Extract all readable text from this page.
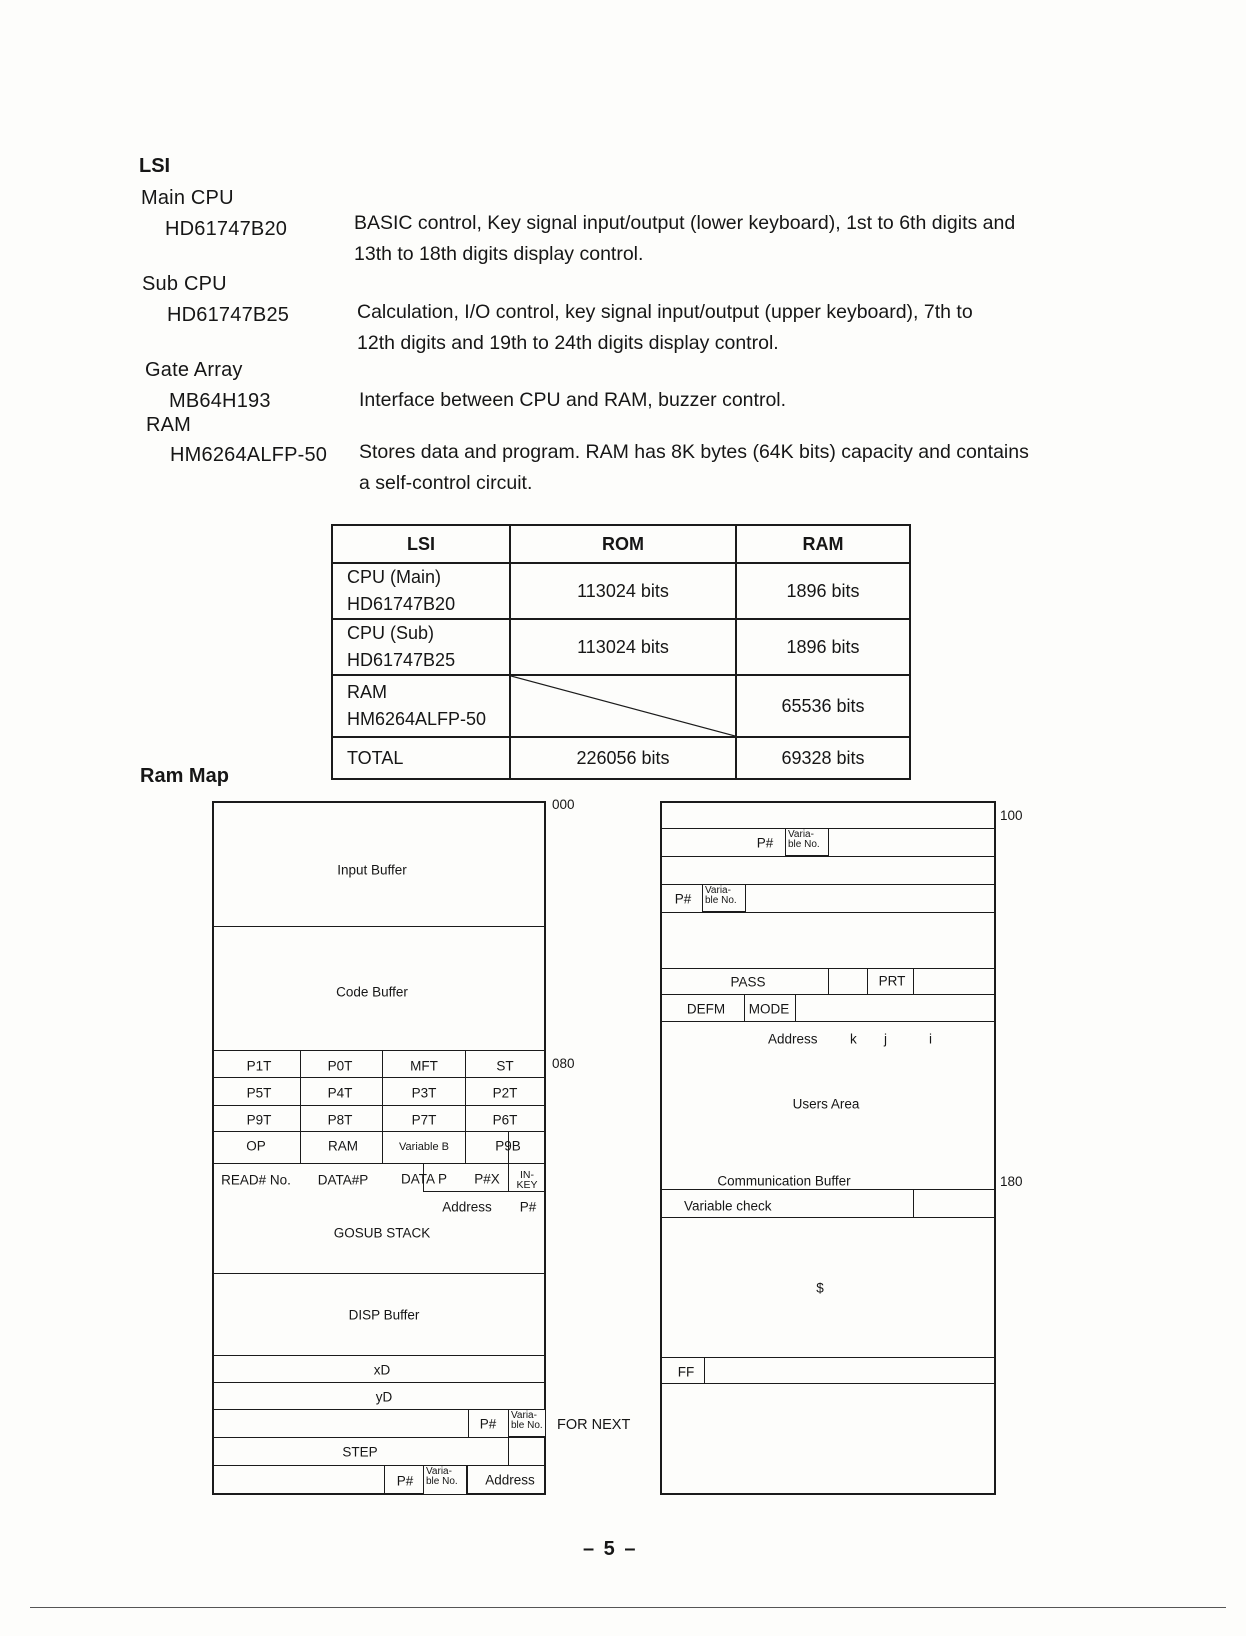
LSI
Main CPU
HD61747B20	BASIC control, Key signal input/output (lower keyboard), 1st to 6th digits and
13th to 18th digits display control.
Sub CPU
HD61747B25	Calculation, I/O control, key signal input/output (upper keyboard), 7th to
12th digits and 19th to 24th digits display control.
Gate Array
MB64H193	Interface between CPU and RAM, buzzer control.
RAM
HM6264ALFP-50 Stores data and program. RAM has 8K bytes (64K bits) capacity and contains
a self-control circuit.
LSI	ROM	RAM

CPU (Main)
HD61747B20	113024 bits	1896 bits

CPU (Sub)
HD61747B25	113024 bits	1896 bits

RAM
HM6264ALFP-50		65536 bits

TOTAL	226056 bits	69328 bits
Ram Map
000
080
Input Buffer
Code Buffer
P1T	P0T	MFT	ST
P5T	P4T	P3T	P2T
P9T	P8T	P7T	P6T
OP	RAM	Variable B	P9B
READ# No. DATA#P DATA P P#X	IN-
KEY
Address P#
GOSUB STACK
DISP Buffer
xD
yD
P#
Varia-
ble No. FOR NEXT
STEP
P#
Varia-
ble No.	Address
100
180
P#
Varia-
ble No.
P#
Varia-
ble No.
PASS	PRT
DEFM MODE
Address k j	i
Users Area
Communication Buffer
Variable check
$
FF
– 5 –
